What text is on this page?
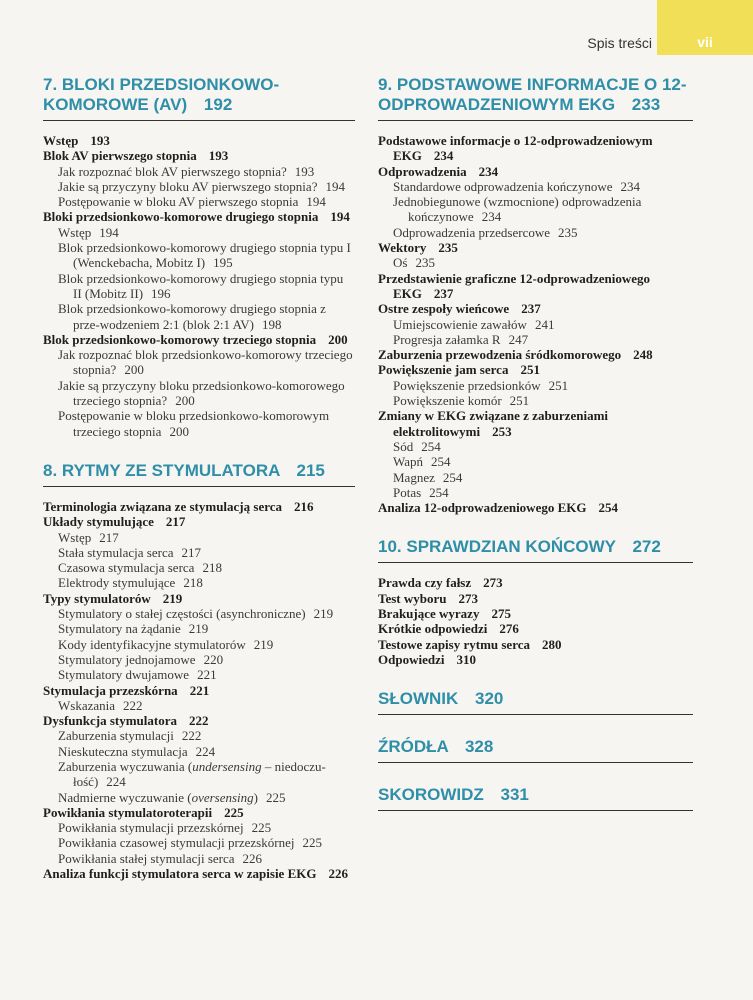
Spis treści	vii
7. BLOKI PRZEDSIONKOWO-KOMOROWE (AV) 192
Wstęp 193
Blok AV pierwszego stopnia 193
Jak rozpoznać blok AV pierwszego stopnia? 193
Jakie są przyczyny bloku AV pierwszego stopnia? 194
Postępowanie w bloku AV pierwszego stopnia 194
Bloki przedsionkowo-komorowe drugiego stopnia 194
Wstęp 194
Blok przedsionkowo-komorowy drugiego stopnia typu I (Wenckebacha, Mobitz I) 195
Blok przedsionkowo-komorowy drugiego stopnia typu II (Mobitz II) 196
Blok przedsionkowo-komorowy drugiego stopnia z prze-wodzeniem 2:1 (blok 2:1 AV) 198
Blok przedsionkowo-komorowy trzeciego stopnia 200
Jak rozpoznać blok przedsionkowo-komorowy trzeciego stopnia? 200
Jakie są przyczyny bloku przedsionkowo-komorowego trzeciego stopnia? 200
Postępowanie w bloku przedsionkowo-komorowym trzeciego stopnia 200
8. RYTMY ZE STYMULATORA 215
Terminologia związana ze stymulacją serca 216
Układy stymulujące 217
Wstęp 217
Stała stymulacja serca 217
Czasowa stymulacja serca 218
Elektrody stymulujące 218
Typy stymulatorów 219
Stymulatory o stałej częstości (asynchroniczne) 219
Stymulatory na żądanie 219
Kody identyfikacyjne stymulatorów 219
Stymulatory jednojamowe 220
Stymulatory dwujamowe 221
Stymulacja przezskórna 221
Wskazania 222
Dysfunkcja stymulatora 222
Zaburzenia stymulacji 222
Nieskuteczna stymulacja 224
Zaburzenia wyczuwania (undersensing – niedoczu-łość) 224
Nadmierne wyczuwanie (oversensing) 225
Powikłania stymulatoroterapii 225
Powikłania stymulacji przezskórnej 225
Powikłania czasowej stymulacji przezskórnej 225
Powikłania stałej stymulacji serca 226
Analiza funkcji stymulatora serca w zapisie EKG 226
9. PODSTAWOWE INFORMACJE O 12-ODPROWADZENIOWYM EKG 233
Podstawowe informacje o 12-odprowadzeniowym EKG 234
Odprowadzenia 234
Standardowe odprowadzenia kończynowe 234
Jednobiegunowe (wzmocnione) odprowadzenia kończynowe 234
Odprowadzenia przedsercowe 235
Wektory 235
Oś 235
Przedstawienie graficzne 12-odprowadzeniowego EKG 237
Ostre zespoły wieńcowe 237
Umiejscowienie zawałów 241
Progresja załamka R 247
Zaburzenia przewodzenia śródkomorowego 248
Powiększenie jam serca 251
Powiększenie przedsionków 251
Powiększenie komór 251
Zmiany w EKG związane z zaburzeniami elektrolitowymi 253
Sód 254
Wapń 254
Magnez 254
Potas 254
Analiza 12-odprowadzeniowego EKG 254
10. SPRAWDZIAN KOŃCOWY 272
Prawda czy fałsz 273
Test wyboru 273
Brakujące wyrazy 275
Krótkie odpowiedzi 276
Testowe zapisy rytmu serca 280
Odpowiedzi 310
SŁOWNIK 320
ŹRÓDŁA 328
SKOROWIDZ 331
